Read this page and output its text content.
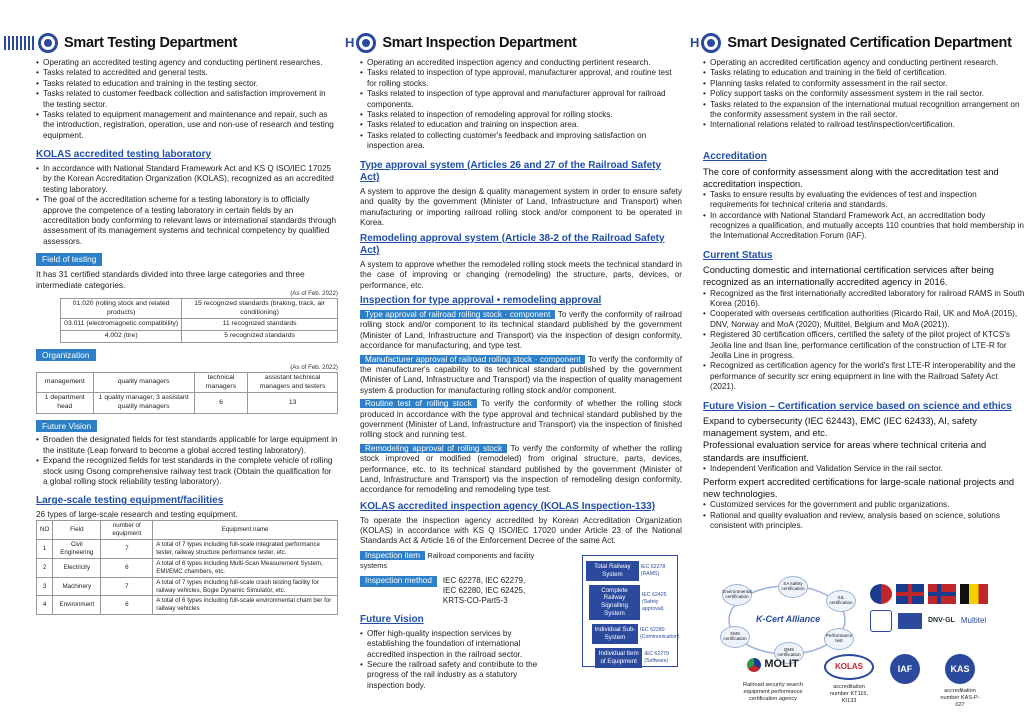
Smart Testing Department	H Smart Inspection Department	H Smart Designated Certification Department
• Operating an accredited testing agency and conducting pertinent researches.
• Tasks related to accredited and general tests.
• Tasks related to education and training in the testing sector.
• Tasks related to customer feedback collection and satisfaction improvement in the testing sector.
• Tasks related to equipment management and maintenance and repair, such as the introduction, registration, operation, use and non-use of research and testing equipment.
KOLAS accredited testing laboratory
• In accordance with National Standard Framework Act and KS Q ISO/IEC 17025 by the Korean Accreditation Organization (KOLAS), recognized as an accredited testing laboratory.
• The goal of the accreditation scheme for a testing laboratory is to officially approve the competence of a testing laboratory in certain fields by an accreditation body conforming to relevant laws or international standards through assessment of its management systems and technical competency by qualified assessors.
Field of testing
It has 31 certified standards divided into three large categories and three intermediate categories.
(As of Feb. 2022)
01.020 (rolling stock and related products)	15 recognized standards (braking, track, air conditioning)
03.011 (electromagnetic compatibility)	11 recognized standards
4.002 (tire)	5 recognized standards
Organization
(As of Feb. 2022)
management	quality managers	technical managers	assistant technical managers and testers
1 department head	1 quality manager, 3 assistant quality managers	6	13
Future Vision
• Broaden the designated fields for test standards applicable for large equipment in the institute (Leap forward to become a global accred testing laboratory).
• Expand the recognized fields for test standards in the complete vehicle of rolling stock using Osong comprehensive railway test track (Obtain the qualification for a global rolling stock reliability testing laboratory).
Large-scale testing equipment/facilities
26 types of large-scale research and testing equipment.
NO	Field	number of equipment	Equipment name
1	Civil Engineering	7	A total of 7 types including full-scale integrated performance tester, railway structure performance tester, etc.
2	Electricity	6	A total of 6 types including Multi-Scan Measurement System, EMI/EMC chambers, etc.
3	Machinery	7	A total of 7 types including full-scale crash testing facility for railway vehicles, Bogie Dynamic Simulator, etc.
4	Environment	6	A total of 6 types including full-scale environmental cham ber for railway vehicles
• Operating an accredited inspection agency and conducting pertinent research.
• Tasks related to inspection of type approval, manufacturer approval, and routine test for rolling stocks.
• Tasks related to inspection of type approval and manufacturer approval for railroad components.
• Tasks related to inspection of remodeling approval for rolling stocks.
• Tasks related to education and training on inspection area.
• Tasks related to collecting customer's feedback and improving satisfaction on inspection area.
Type approval system (Articles 26 and 27 of the Railroad Safety Act)

A system to approve the design & quality management system in order to ensure safety and quality by the government (Minister of Land, Infrastructure and Transport) when manufacturing or importing railroad rolling stock and/or component to be operated in Korea.

Remodeling approval system (Article 38-2 of the Railroad Safety Act)

A system to approve whether the remodeled rolling stock meets the technical standard in the case of improving or changing (remodeling) the structure, parts, devices, or performance, etc.

Inspection for type approval • remodeling approval

Type approval of railroad rolling stock · component To verify the conformity of railroad rolling stock and/or component to its technical standard published by the government (Minister of Land, Infrastructure and Transport) via the inspection of design conformity, accordance for manufacturing, and type test.

Manufacturer approval of railroad rolling stock · component To verify the conformity of the manufacturer's capability to its technical standard published by the government (Minister of Land, Infrastructure and Transport) via the inspection of quality management system & production for manufacturing rolling stock and/or component.

Routine test of rolling stock To verify the conformity of whether the rolling stock produced in accordance with the type approval and technical standard published by the government (Minister of Land, Infrastructure and Transport) via the inspection of finished rolling stock and running test.

Remodeling approval of rolling stock To verify the conformity of whether the rolling stock improved or modified (remodeled) from original structure, parts, devices, performance, etc. to its technical standard published by the government (Minister of Land, Infrastructure and Transport) via the inspection of remodeling design conformity, accordance for remodeling and remodeling type test.

KOLAS accredited inspection agency (KOLAS Inspection-133)

To operate the inspection agency accredited by Korean Accreditation Organization (KOLAS) in accordance with KS Q ISO/IEC 17020 under Article 23 of the National Standards Act & Article 16 of the Enforcement Decree of the same Act.

Inspection item Railroad components and facility systems
Inspection method	IEC 62278, IEC 62279,
IEC 62280, IEC 62425,
KRTS-CO-Part5-3
Future Vision
• Offer high-quality inspection services by establishing the foundation of international accredited inspection in the railroad sector.
• Secure the railroad safety and contribute to the progress of the rail industry as a statutory inspection body.
Total Railway System
IEC 62278 (RAMS)
Complete Railway Signalling System
IEC 62425 (Safety approval)
Individual Sub-System
IEC 62280 (Communication)
Individual Item of Equipment
IEC 62279 (Software)
• Operating an accredited certification agency and conducting pertinent research.
• Tasks relating to education and training in the field of certification.
• Planning tasks related to conformity assessment in the rail sector.
• Policy support tasks on the conformity assessment system in the rail sector.
• Tasks related to the expansion of the international mutual recognition arrangement on the conformity assessment system in the rail sector.
• International relations related to railroad test/inspection/certification.
Accreditation
The core of conformity assessment along with the accreditation test and accreditation inspection.
• Tasks to ensure results by evaluating the evidences of test and inspection requirements for technical criteria and standards.
• In accordance with National Standard Framework Act, an accreditation body recognizes a qualification, and mutually accepts 110 countries that hold membership in the International Accreditation Forum (IAF).
Current Status
Conducting domestic and international certification services after being recognized as an internationally accredited agency in 2016.
• Recognized as the first internationally accredited laboratory for railroad RAMS in South Korea (2016).
• Cooperated with overseas certification authorities (Ricardo Rail, UK and MoA (2015), DNV, Norway and MoA (2020), Multitel, Belgium and MoA (2021)).
• Registered 30 certification officers, certified the safety of the pilot project of KTCS's Jeolla line and Ilsan line, performance certification of the construction of LTE-R for Jeolla Line in progress.
• Recognized as certification agency for the world's first LTE-R interoperability and the performance of security scr ening equipment in line with the Railroad Safety Act (2021).
Future Vision – Certification service based on science and ethics
Expand to cybersecurity (IEC 62443), EMC (IEC 62433), AI, safety management system, and etc.
Professional evaluation service for areas where technical criteria and standards are insufficient.
• Independent Verification and Validation Service in the rail sector.
Perform expert accredited certifications for large-scale national projects and new technologies.
• Customized services for the government and public organizations.
• Rational and quality evaluation and review, analysis based on science, solutions consistent with principles.
K-Cert Alliance
Environmental certification
SA safety certification
SIL certification
Performance test
QMS certification
SMS certification
DNV·GL Multitel
MOLIT
Railroad security search equipment performance certification agency
KOLAS
accreditation number KT115, KI133
IAF	KAS
accreditation number KAS-P-027
